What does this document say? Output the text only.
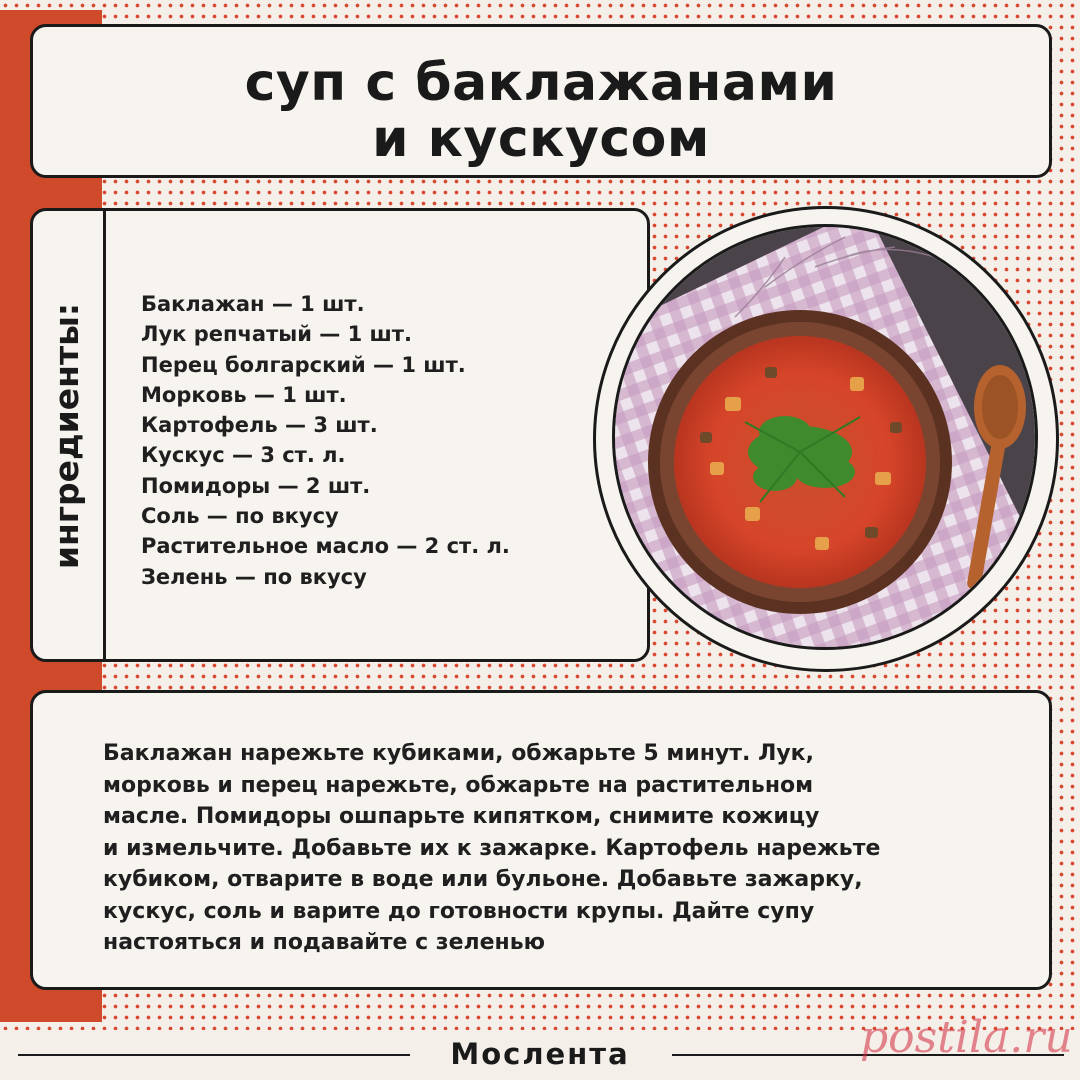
суп с баклажанами
и кускусом
ингредиенты:	Баклажан — 1 шт.
Лук репчатый — 1 шт.
Перец болгарский — 1 шт.
Морковь — 1 шт.
Картофель — 3 шт.
Кускус — 3 ст. л.
Помидоры — 2 шт.
Соль — по вкусу
Растительное масло — 2 ст. л.
Зелень — по вкусу
Баклажан нарежьте кубиками, обжарьте 5 минут. Лук,
морковь и перец нарежьте, обжарьте на растительном
масле. Помидоры ошпарьте кипятком, снимите кожицу
и измельчите. Добавьте их к зажарке. Картофель нарежьте
кубиком, отварите в воде или бульоне. Добавьте зажарку,
кускус, соль и варите до готовности крупы. Дайте супу
настояться и подавайте с зеленью
Мослента	postila.ru
